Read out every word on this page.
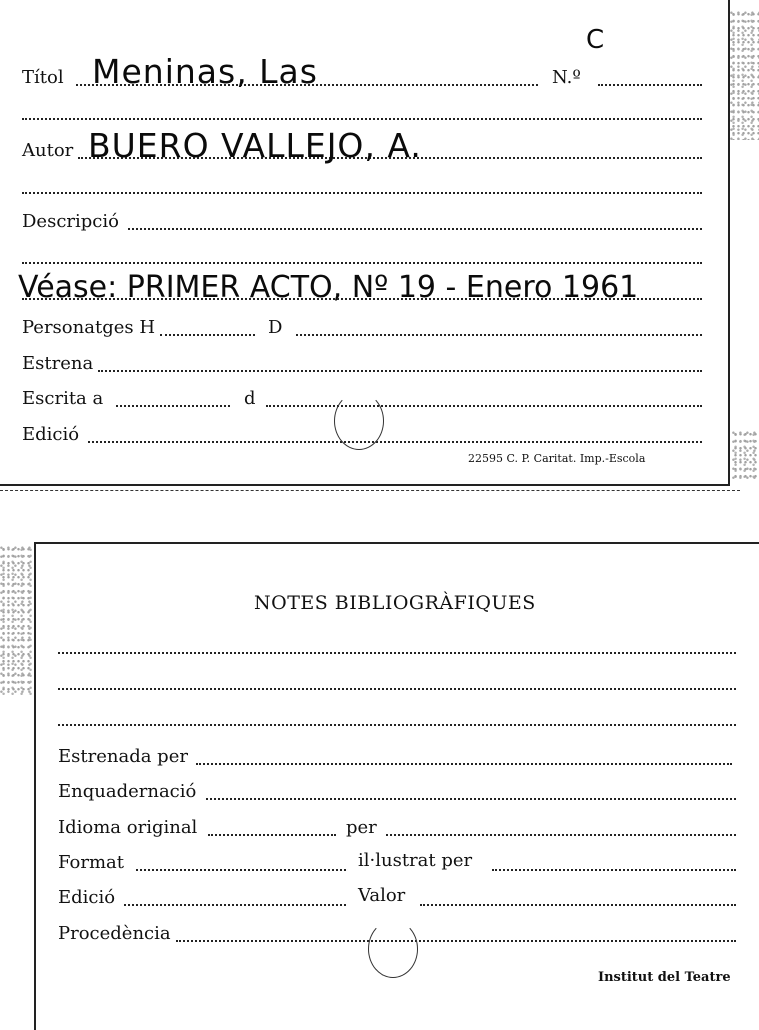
C
Títol Meninas, Las	N.º
Autor BUERO VALLEJO, A.
Descripció
Véase: PRIMER ACTO, Nº 19 - Enero 1961
Personatges H	D
Estrena
Escrita a	d
Edició
22595 C. P. Caritat. Imp.-Escola
NOTES BIBLIOGRÀFIQUES
Estrenada per
Enquadernació
Idioma original	per
Format	il·lustrat per
Edició	Valor
Procedència
Institut del Teatre
